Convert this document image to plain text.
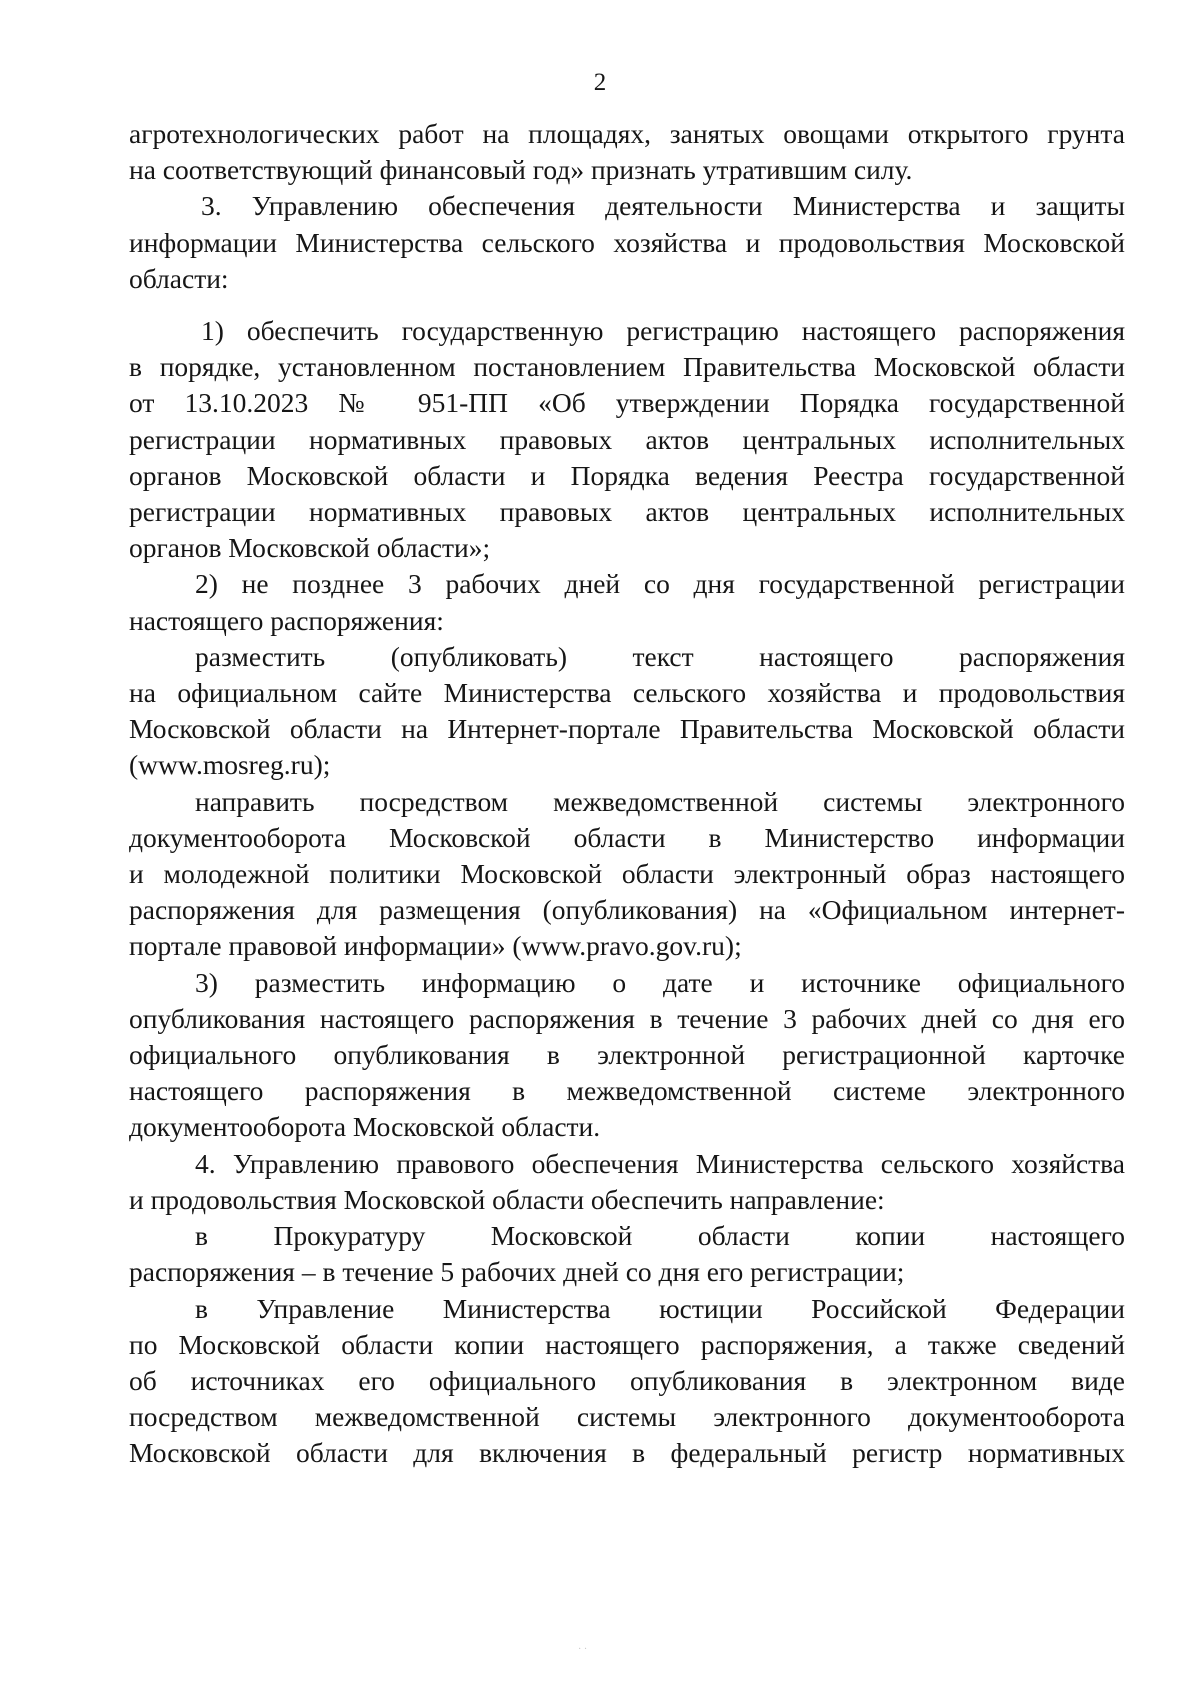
2

агротехнологических работ на площадях, занятых овощами открытого грунта
на соответствующий финансовый год» признать утратившим силу.

3. Управлению обеспечения деятельности Министерства и защиты
информации Министерства сельского хозяйства и продовольствия Московской
области:

1) обеспечить государственную регистрацию настоящего распоряжения
в порядке, установленном постановлением Правительства Московской области
от 13.10.2023 № 951-ПП «Об утверждении Порядка государственной
регистрации нормативных правовых актов центральных исполнительных
органов Московской области и Порядка ведения Реестра государственной
регистрации нормативных правовых актов центральных исполнительных
органов Московской области»;

2) не позднее 3 рабочих дней со дня государственной регистрации
настоящего распоряжения:

разместить (опубликовать) текст настоящего распоряжения
на официальном сайте Министерства сельского хозяйства и продовольствия
Московской области на Интернет-портале Правительства Московской области
(www.mosreg.ru);

направить посредством межведомственной системы электронного
документооборота Московской области в Министерство информации
и молодежной политики Московской области электронный образ настоящего
распоряжения для размещения (опубликования) на «Официальном интернет-
портале правовой информации» (www.pravo.gov.ru);

3) разместить информацию о дате и источнике официального
опубликования настоящего распоряжения в течение 3 рабочих дней со дня его
официального опубликования в электронной регистрационной карточке
настоящего распоряжения в межведомственной системе электронного
документооборота Московской области.

4. Управлению правового обеспечения Министерства сельского хозяйства
и продовольствия Московской области обеспечить направление:

в Прокуратуру Московской области копии настоящего
распоряжения – в течение 5 рабочих дней со дня его регистрации;

в Управление Министерства юстиции Российской Федерации
по Московской области копии настоящего распоряжения, а также сведений
об источниках его официального опубликования в электронном виде
посредством межведомственной системы электронного документооборота
Московской области для включения в федеральный регистр нормативных

· ·
